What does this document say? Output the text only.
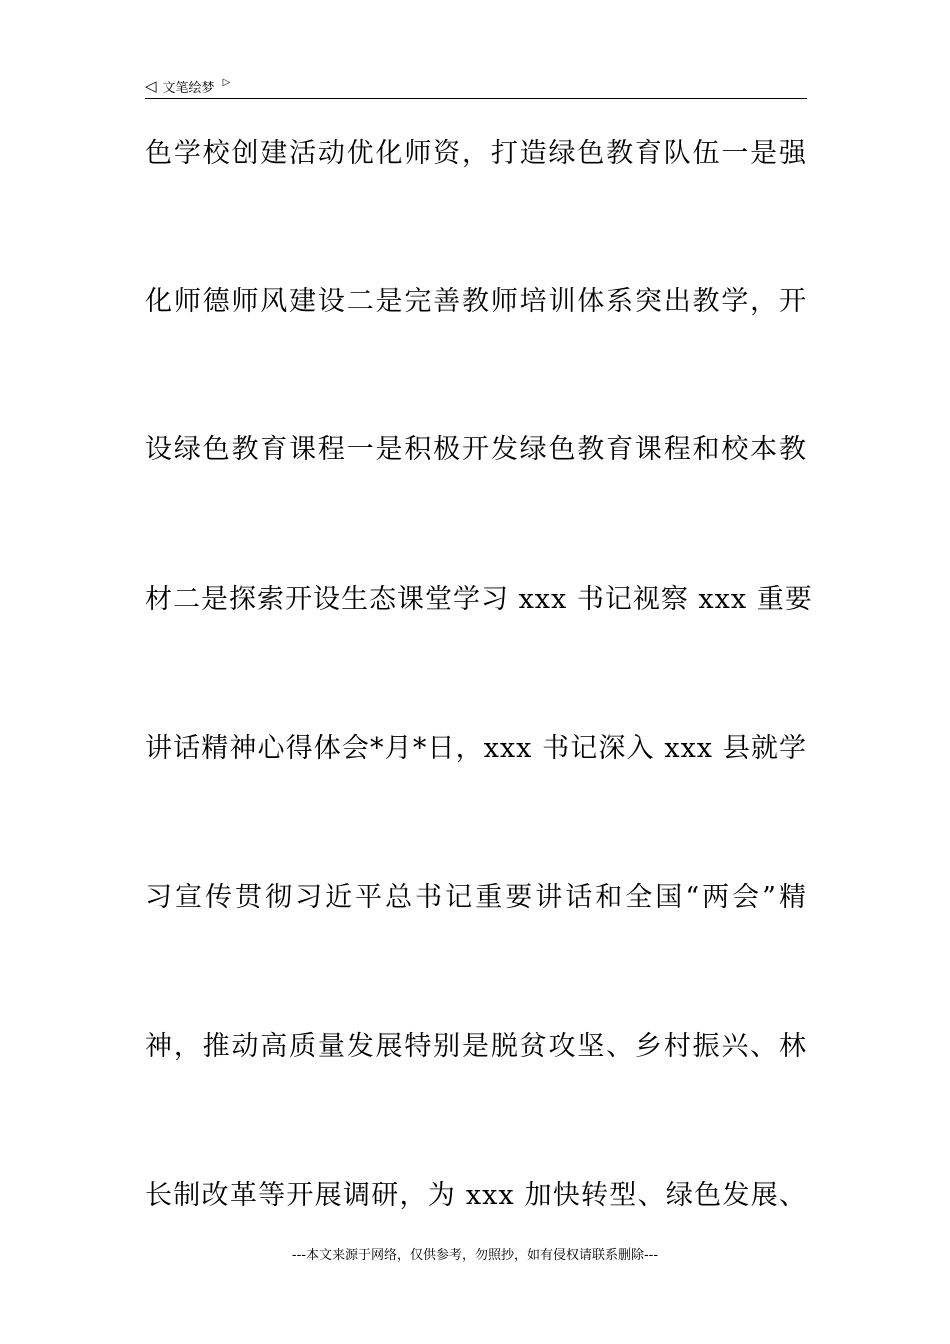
◁ 文笔绘梦 ▷
色学校创建活动优化师资，打造绿色教育队伍一是强
化师德师风建设二是完善教师培训体系突出教学，开
设绿色教育课程一是积极开发绿色教育课程和校本教
材二是探索开设生态课堂学习 xxx 书记视察 xxx 重要
讲话精神心得体会*月*日，xxx 书记深入 xxx 县就学
习宣传贯彻习近平总书记重要讲话和全国“两会”精
神，推动高质量发展特别是脱贫攻坚、乡村振兴、林
长制改革等开展调研，为 xxx 加快转型、绿色发展、
---本文来源于网络，仅供参考，勿照抄，如有侵权请联系删除---
